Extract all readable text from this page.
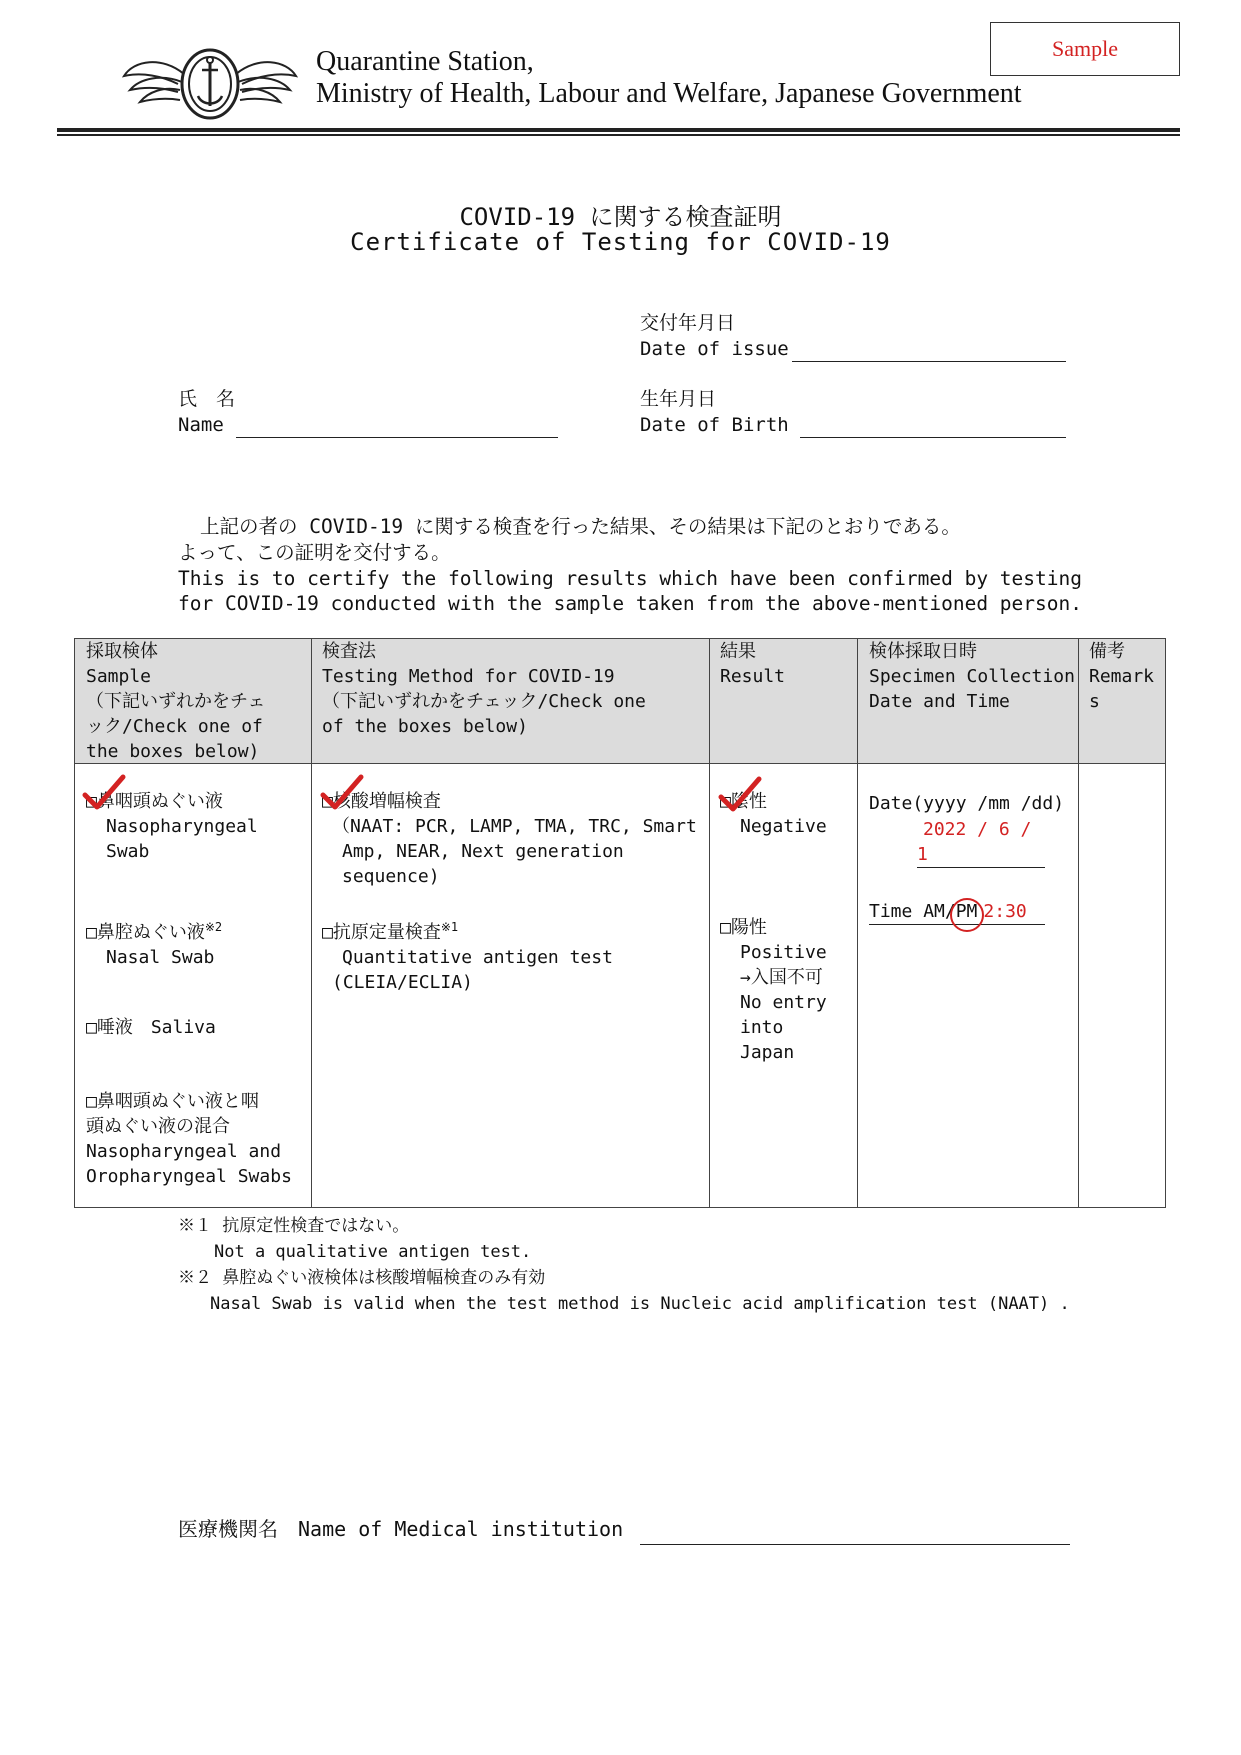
Quarantine Station,
Ministry of Health, Labour and Welfare, Japanese Government
Sample
COVID-19 に関する検査証明
Certificate of Testing for COVID-19
交付年月日
Date of issue
氏　名
Name
生年月日
Date of Birth
上記の者の COVID-19 に関する検査を行った結果、その結果は下記のとおりである。
よって、この証明を交付する。
This is to certify the following results which have been confirmed by testing
for COVID-19 conducted with the sample taken from the above-mentioned person.
採取検体
Sample
（下記いずれかをチェ
ック/Check one of
the boxes below)
検査法
Testing Method for COVID-19
（下記いずれかをチェック/Check one
of the boxes below)
結果
Result
検体採取日時
Specimen Collection
Date and Time
備考
Remark
s
□鼻咽頭ぬぐい液
Nasopharyngeal
Swab
□鼻腔ぬぐい液$^{※2}$
Nasal Swab
□唾液　Saliva
□鼻咽頭ぬぐい液と咽
頭ぬぐい液の混合
Nasopharyngeal and
Oropharyngeal Swabs
□核酸増幅検査
（NAAT: PCR, LAMP, TMA, TRC, Smart
Amp, NEAR, Next generation
sequence)
□抗原定量検査$^{※1}$
Quantitative antigen test
(CLEIA/ECLIA)
□陰性
Negative
□陽性
Positive
→入国不可
No entry
into
Japan
Date(yyyy /mm /dd)
2022 / 6 / 1
Time AM/PM 2:30
※１ 抗原定性検査ではない。
Not a qualitative antigen test.
※２ 鼻腔ぬぐい液検体は核酸増幅検査のみ有効
Nasal Swab is valid when the test method is Nucleic acid amplification test (NAAT) .
医療機関名　 Name of Medical institution
